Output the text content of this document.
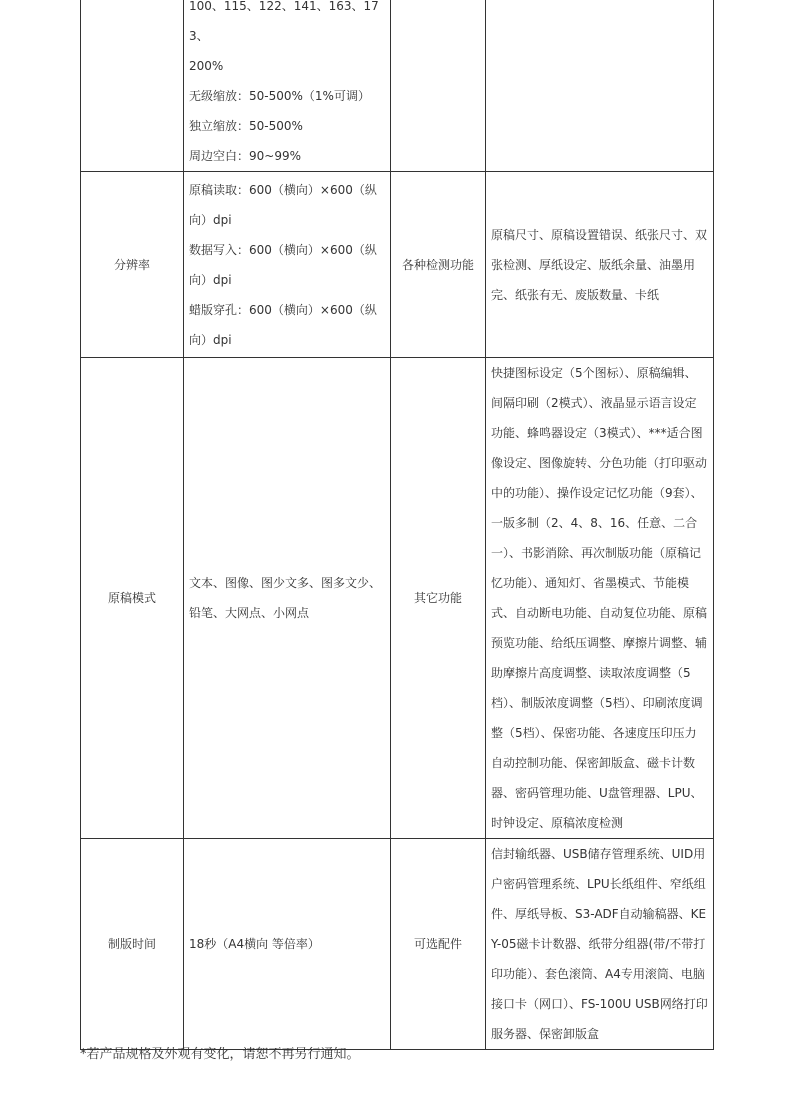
	100、115、122、141、163、173、
200%
无级缩放：50-500%（1%可调）
独立缩放：50-500%
周边空白：90~99%		

分辨率	原稿读取：600（横向）×600（纵向）dpi
数据写入：600（横向）×600（纵向）dpi
蜡版穿孔：600（横向）×600（纵向）dpi	各种检测功能	原稿尺寸、原稿设置错误、纸张尺寸、双张检测、厚纸设定、版纸余量、油墨用完、纸张有无、废版数量、卡纸
原稿模式	文本、图像、图少文多、图多文少、铅笔、大网点、小网点	其它功能	快捷图标设定（5个图标）、原稿编辑、间隔印刷（2模式）、液晶显示语言设定功能、蜂鸣器设定（3模式）、***适合图像设定、图像旋转、分色功能（打印驱动中的功能）、操作设定记忆功能（9套）、一版多制（2、4、8、16、任意、二合一）、书影消除、再次制版功能（原稿记忆功能）、通知灯、省墨模式、节能模式、自动断电功能、自动复位功能、原稿预览功能、给纸压调整、摩擦片调整、辅助摩擦片高度调整、读取浓度调整（5档）、制版浓度调整（5档）、印刷浓度调整（5档）、保密功能、各速度压印压力自动控制功能、保密卸版盒、磁卡计数器、密码管理功能、U盘管理器、LPU、时钟设定、原稿浓度检测
制版时间	18秒（A4横向 等倍率）	可选配件	信封输纸器、USB储存管理系统、UID用户密码管理系统、LPU长纸组件、窄纸组件、厚纸导板、S3-ADF自动输稿器、KEY-05磁卡计数器、纸带分组器(带/不带打印功能）、套色滚筒、A4专用滚筒、电脑接口卡（网口）、FS-100U USB网络打印服务器、保密卸版盒
*若产品规格及外观有变化，请恕不再另行通知。
